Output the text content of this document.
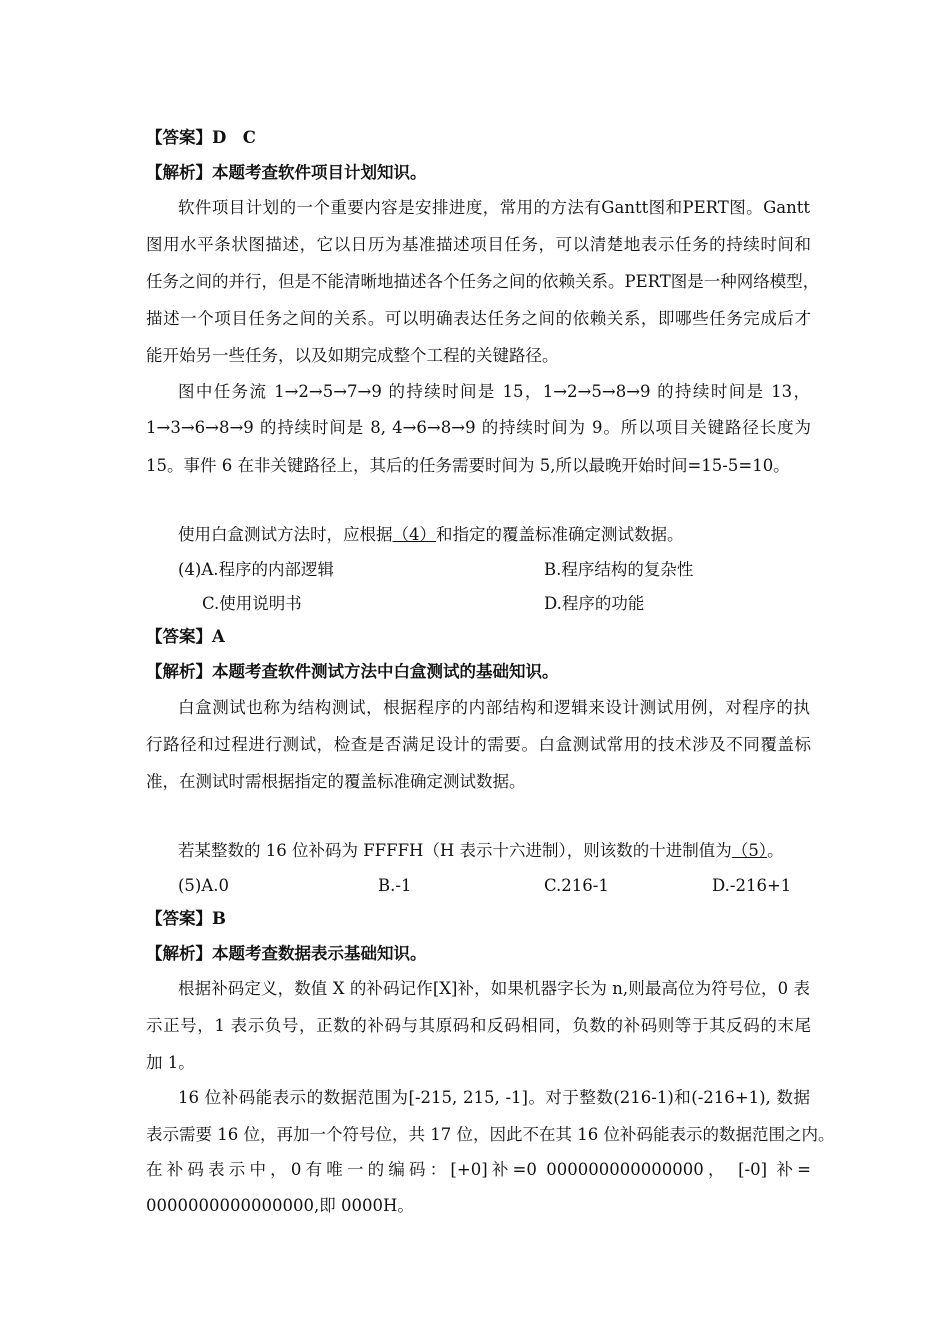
【答案】D　C
【解析】本题考查软件项目计划知识。
软件项目计划的一个重要内容是安排进度，常用的方法有Gantt图和PERT图。Gantt
图用水平条状图描述，它以日历为基准描述项目任务，可以清楚地表示任务的持续时间和
任务之间的并行，但是不能清晰地描述各个任务之间的依赖关系。PERT图是一种网络模型，
描述一个项目任务之间的关系。可以明确表达任务之间的依赖关系，即哪些任务完成后才
能开始另一些任务，以及如期完成整个工程的关键路径。
图中任务流 1→2→5→7→9 的持续时间是 15，1→2→5→8→9 的持续时间是 13，
1→3→6→8→9 的持续时间是 8, 4→6→8→9 的持续时间为 9。所以项目关键路径长度为
15。事件 6 在非关键路径上，其后的任务需要时间为 5,所以最晚开始时间=15-5=10。
使用白盒测试方法时，应根据（4）和指定的覆盖标准确定测试数据。
(4)A.程序的内部逻辑	B.程序结构的复杂性
C.使用说明书	D.程序的功能
【答案】A
【解析】本题考查软件测试方法中白盒测试的基础知识。
白盒测试也称为结构测试，根据程序的内部结构和逻辑来设计测试用例，对程序的执
行路径和过程进行测试，检查是否满足设计的需要。白盒测试常用的技术涉及不同覆盖标
准，在测试时需根据指定的覆盖标准确定测试数据。
若某整数的 16 位补码为 FFFFH（H 表示十六进制），则该数的十进制值为（5）。
(5)A.0	B.-1	C.216-1	D.-216+1
【答案】B
【解析】本题考查数据表示基础知识。
根据补码定义，数值 X 的补码记作[X]补，如果机器字长为 n,则最高位为符号位，0 表
示正号，1 表示负号，正数的补码与其原码和反码相同，负数的补码则等于其反码的末尾
加 1。
16 位补码能表示的数据范围为[-215, 215, -1]。对于整数(216-1)和(-216+1), 数据
表示需要 16 位，再加一个符号位，共 17 位，因此不在其 16 位补码能表示的数据范围之内。
在补码表示中，0有唯一的编码：[+0]补=0 000000000000000， [-0] 补=
0000000000000000,即 0000H。
